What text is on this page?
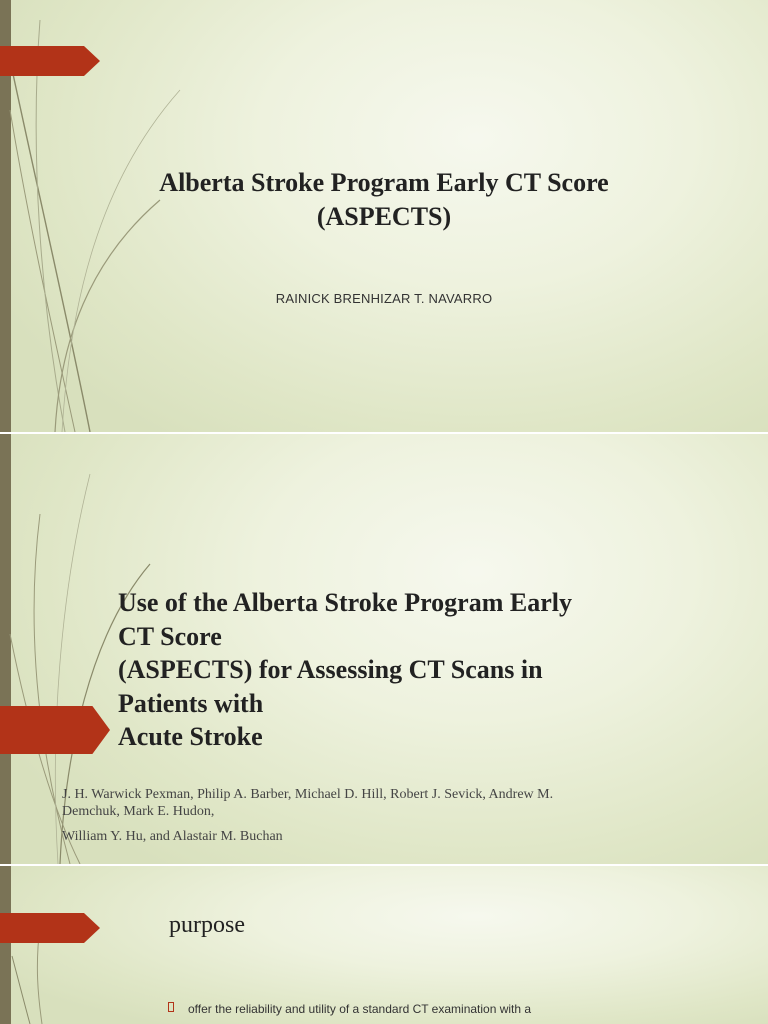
Alberta Stroke Program Early CT Score
(ASPECTS)
RAINICK BRENHIZAR T. NAVARRO
Use of the Alberta Stroke Program Early
CT Score
(ASPECTS) for Assessing CT Scans in
Patients with
Acute Stroke
J. H. Warwick Pexman, Philip A. Barber, Michael D. Hill, Robert J. Sevick, Andrew M. Demchuk, Mark E. Hudon,
William Y. Hu, and Alastair M. Buchan
purpose
offer the reliability and utility of a standard CT examination with a
